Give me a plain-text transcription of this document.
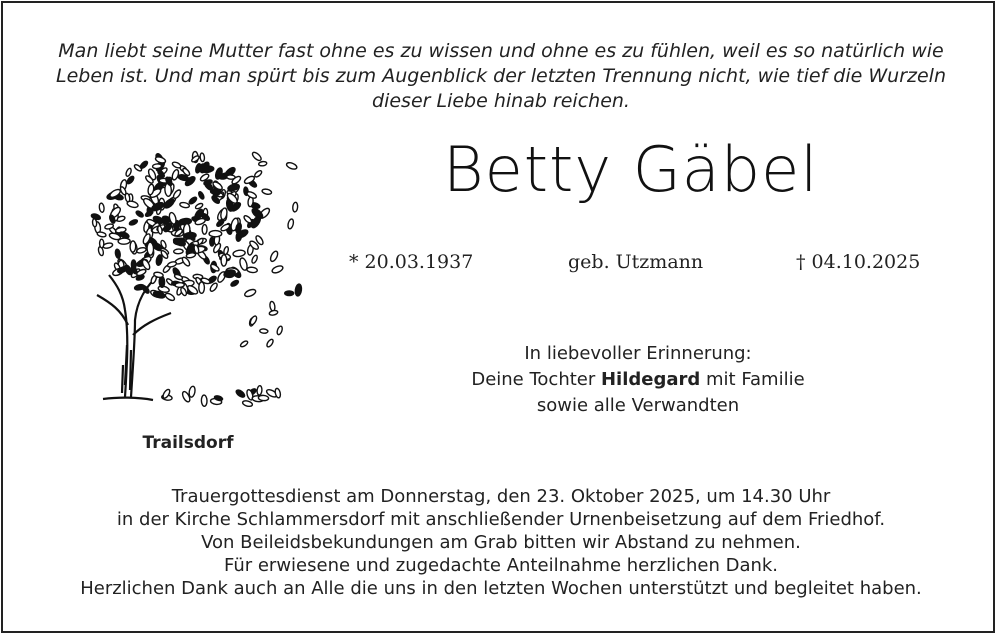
Man liebt seine Mutter fast ohne es zu wissen und ohne es zu fühlen, weil es so natürlich wie
Leben ist. Und man spürt bis zum Augenblick der letzten Trennung nicht, wie tief die Wurzeln
dieser Liebe hinab reichen.
Betty Gäbel
* 20.03.1937	geb. Utzmann	† 04.10.2025
In liebevoller Erinnerung:
Deine Tochter Hildegard mit Familie
sowie alle Verwandten
Trailsdorf
Trauergottesdienst am Donnerstag, den 23. Oktober 2025, um 14.30 Uhr
in der Kirche Schlammersdorf mit anschließender Urnenbeisetzung auf dem Friedhof.
Von Beileidsbekundungen am Grab bitten wir Abstand zu nehmen.
Für erwiesene und zugedachte Anteilnahme herzlichen Dank.
Herzlichen Dank auch an Alle die uns in den letzten Wochen unterstützt und begleitet haben.
